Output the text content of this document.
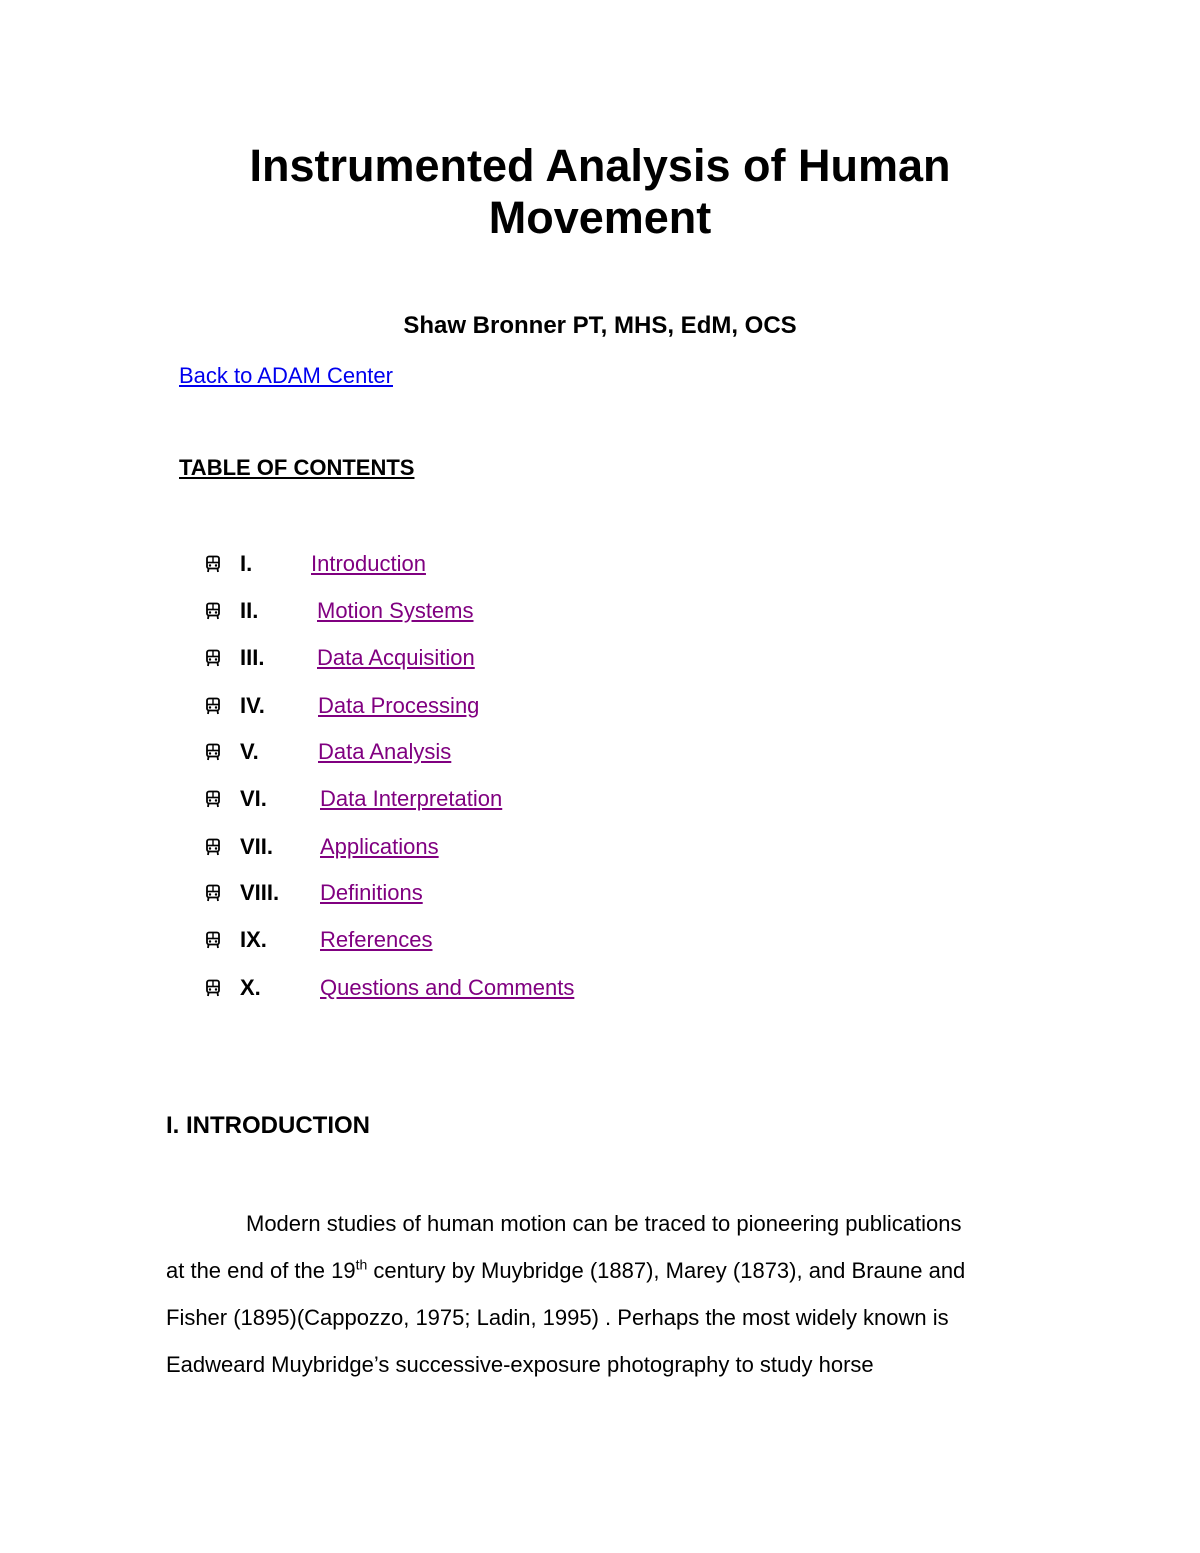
Instrumented Analysis of Human
Movement

Shaw Bronner PT, MHS, EdM, OCS

Back to ADAM Center

TABLE OF CONTENTS

I.	Introduction
II.	Motion Systems
III. Data Acquisition
IV. Data Processing
V.	Data Analysis
VI. Data Interpretation
VII. Applications
VIII. Definitions
IX. References
X.	Questions and Comments
I. INTRODUCTION

Modern studies of human motion can be traced to pioneering publications
at the end of the 19th century by Muybridge (1887), Marey (1873), and Braune and
Fisher (1895)(Cappozzo, 1975; Ladin, 1995) . Perhaps the most widely known is
Eadweard Muybridge’s successive-exposure photography to study horse
